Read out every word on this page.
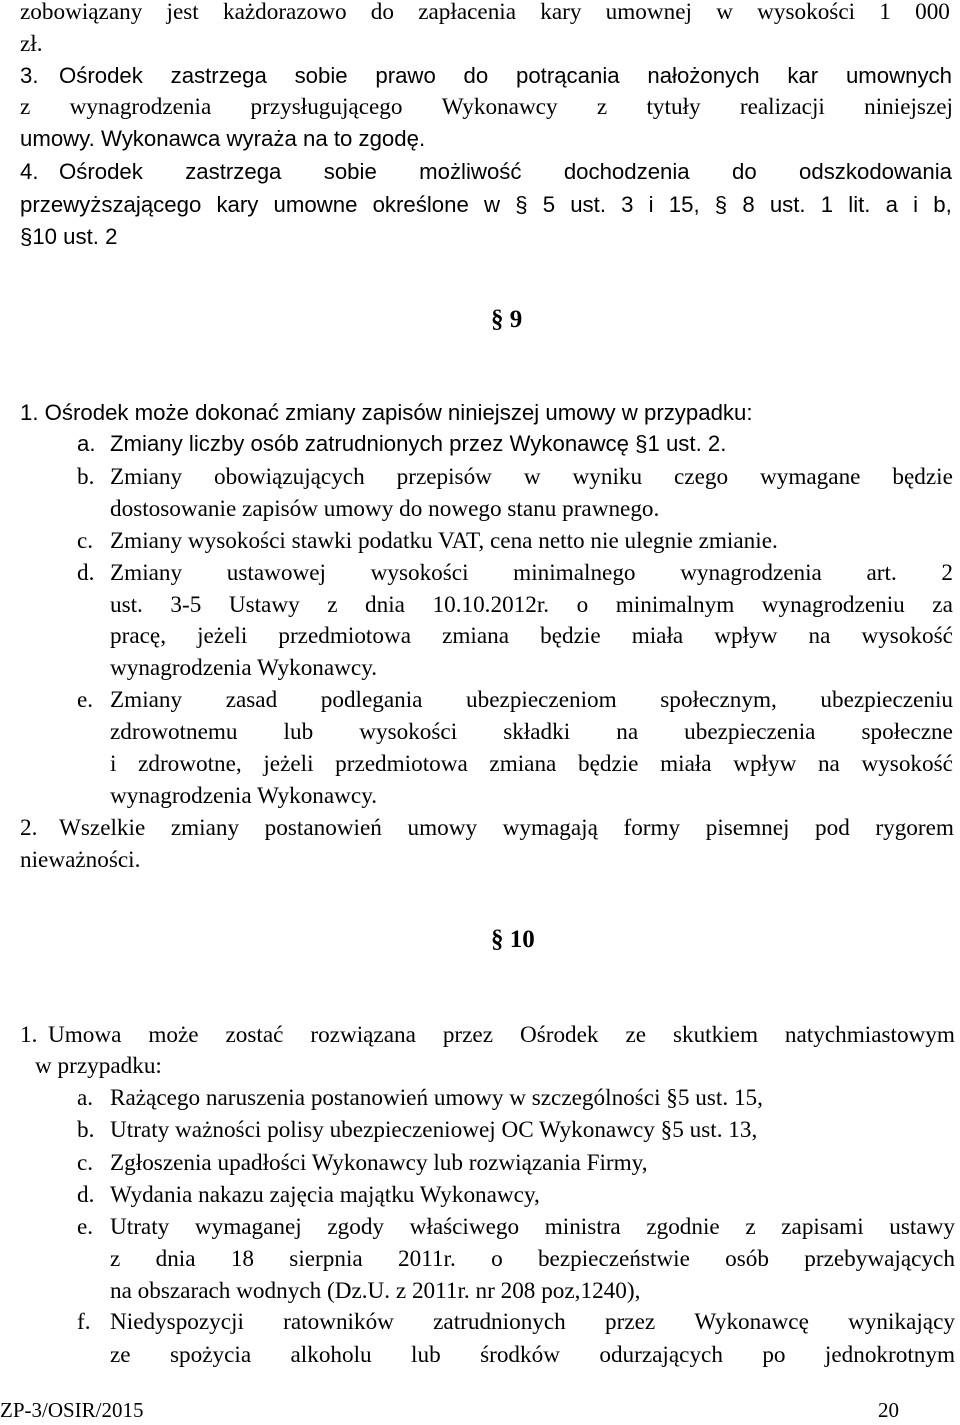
zobowiązany jest każdorazowo do zapłacenia kary umownej w wysokości 1 000
zł.
3. Ośrodek zastrzega sobie prawo do potrącania nałożonych kar umownych
z wynagrodzenia przysługującego Wykonawcy z tytuły realizacji niniejszej
umowy. Wykonawca wyraża na to zgodę.
4. Ośrodek zastrzega sobie możliwość dochodzenia do odszkodowania
przewyższającego kary umowne określone w § 5 ust. 3 i 15, § 8 ust. 1 lit. a i b,
§10 ust. 2
§ 9
1. Ośrodek może dokonać zmiany zapisów niniejszej umowy w przypadku:
a. Zmiany liczby osób zatrudnionych przez Wykonawcę §1 ust. 2.
b. Zmiany obowiązujących przepisów w wyniku czego wymagane będzie
dostosowanie zapisów umowy do nowego stanu prawnego.
c. Zmiany wysokości stawki podatku VAT, cena netto nie ulegnie zmianie.
d. Zmiany ustawowej wysokości minimalnego wynagrodzenia art. 2
ust. 3-5 Ustawy z dnia 10.10.2012r. o minimalnym wynagrodzeniu za
pracę, jeżeli przedmiotowa zmiana będzie miała wpływ na wysokość
wynagrodzenia Wykonawcy.
e. Zmiany zasad podlegania ubezpieczeniom społecznym, ubezpieczeniu
zdrowotnemu lub wysokości składki na ubezpieczenia społeczne
i zdrowotne, jeżeli przedmiotowa zmiana będzie miała wpływ na wysokość
wynagrodzenia Wykonawcy.
2. Wszelkie zmiany postanowień umowy wymagają formy pisemnej pod rygorem
nieważności.
§ 10
1. Umowa może zostać rozwiązana przez Ośrodek ze skutkiem natychmiastowym
w przypadku:
a. Rażącego naruszenia postanowień umowy w szczególności §5 ust. 15,
b. Utraty ważności polisy ubezpieczeniowej OC Wykonawcy §5 ust. 13,
c. Zgłoszenia upadłości Wykonawcy lub rozwiązania Firmy,
d. Wydania nakazu zajęcia majątku Wykonawcy,
e. Utraty wymaganej zgody właściwego ministra zgodnie z zapisami ustawy
z dnia 18 sierpnia 2011r. o bezpieczeństwie osób przebywających
na obszarach wodnych (Dz.U. z 2011r. nr 208 poz,1240),
f. Niedyspozycji ratowników zatrudnionych przez Wykonawcę wynikający
ze spożycia alkoholu lub środków odurzających po jednokrotnym
ZP-3/OSIR/2015	20
